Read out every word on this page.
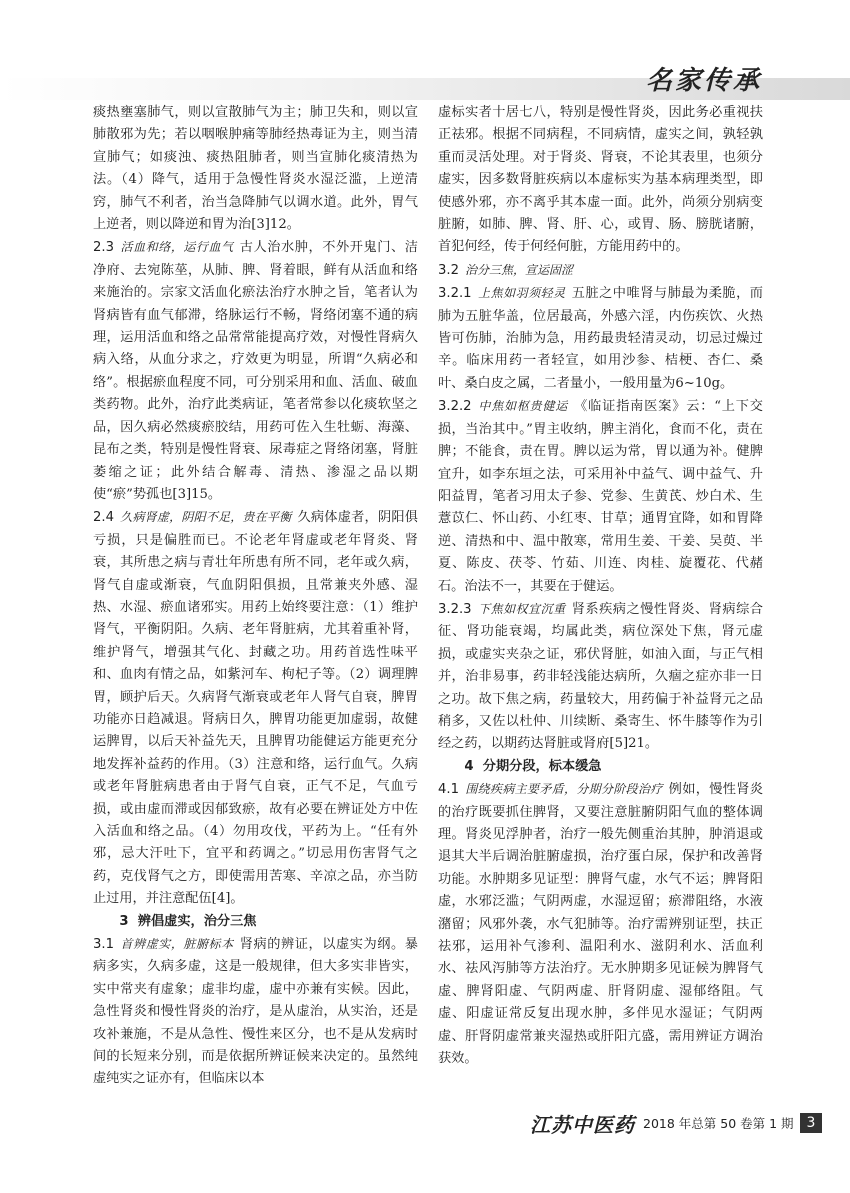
名家传承

痰热壅塞肺气，则以宣散肺气为主；肺卫失和，则以宣肺散邪为先；若以咽喉肿痛等肺经热毒证为主，则当清宣肺气；如痰浊、痰热阻肺者，则当宣肺化痰清热为法。（4）降气，适用于急慢性肾炎水湿泛滥，上逆清窍，肺气不利者，治当急降肺气以调水道。此外，胃气上逆者，则以降逆和胃为治[3]12。

2.3 活血和络，运行血气 古人治水肿，不外开鬼门、洁净府、去宛陈莝，从肺、脾、肾着眼，鲜有从活血和络来施治的。宗家文活血化瘀法治疗水肿之旨，笔者认为肾病皆有血气郁滞，络脉运行不畅，肾络闭塞不通的病理，运用活血和络之品常常能提高疗效，对慢性肾病久病入络，从血分求之，疗效更为明显，所谓“久病必和络”。根据瘀血程度不同，可分别采用和血、活血、破血类药物。此外，治疗此类病证，笔者常参以化痰软坚之品，因久病必然痰瘀胶结，用药可佐入生牡蛎、海藻、昆布之类，特别是慢性肾衰、尿毒症之肾络闭塞，肾脏萎缩之证；此外结合解毒、清热、渗湿之品以期使“瘀”势孤也[3]15。

2.4 久病肾虚，阴阳不足，贵在平衡 久病体虚者，阴阳俱亏损，只是偏胜而已。不论老年肾虚或老年肾炎、肾衰，其所患之病与青壮年所患有所不同，老年或久病，肾气自虚或渐衰，气血阴阳俱损，且常兼夹外感、湿热、水湿、瘀血诸邪实。用药上始终要注意：（1）维护肾气，平衡阴阳。久病、老年肾脏病，尤其着重补肾，维护肾气，增强其气化、封藏之功。用药首选性味平和、血肉有情之品，如紫河车、枸杞子等。（2）调理脾胃，顾护后天。久病肾气渐衰或老年人肾气自衰，脾胃功能亦日趋减退。肾病日久，脾胃功能更加虚弱，故健运脾胃，以后天补益先天，且脾胃功能健运方能更充分地发挥补益药的作用。（3）注意和络，运行血气。久病或老年肾脏病患者由于肾气自衰，正气不足，气血亏损，或由虚而滞或因郁致瘀，故有必要在辨证处方中佐入活血和络之品。（4）勿用攻伐，平药为上。“任有外邪，忌大汗吐下，宜平和药调之。”切忌用伤害肾气之药，克伐肾气之方，即使需用苦寒、辛凉之品，亦当防止过用，并注意配伍[4]。

3 辨倡虚实，治分三焦

3.1 首辨虚实，脏腑标本 肾病的辨证，以虚实为纲。暴病多实，久病多虚，这是一般规律，但大多实非皆实，实中常夹有虚象；虚非均虚，虚中亦兼有实候。因此，急性肾炎和慢性肾炎的治疗，是从虚治，从实治，还是攻补兼施，不是从急性、慢性来区分，也不是从发病时间的长短来分别，而是依据所辨证候来决定的。虽然纯虚纯实之证亦有，但临床以本

虚标实者十居七八，特别是慢性肾炎，因此务必重视扶正祛邪。根据不同病程，不同病情，虚实之间，孰轻孰重而灵活处理。对于肾炎、肾衰，不论其表里，也须分虚实，因多数肾脏疾病以本虚标实为基本病理类型，即使感外邪，亦不离乎其本虚一面。此外，尚须分别病变脏腑，如肺、脾、肾、肝、心，或胃、肠、膀胱诸腑，首犯何经，传于何经何脏，方能用药中的。

3.2 治分三焦，宣运固涩

3.2.1 上焦如羽须轻灵 五脏之中唯肾与肺最为柔脆，而肺为五脏华盖，位居最高，外感六淫，内伤疾饮、火热皆可伤肺，治肺为急，用药最贵轻清灵动，切忌过燥过辛。临床用药一者轻宣，如用沙参、桔梗、杏仁、桑叶、桑白皮之属，二者量小，一般用量为6~10g。

3.2.2 中焦如枢贵健运 《临证指南医案》云：“上下交损，当治其中。”胃主收纳，脾主消化，食而不化，责在脾；不能食，责在胃。脾以运为常，胃以通为补。健脾宜升，如李东垣之法，可采用补中益气、调中益气、升阳益胃，笔者习用太子参、党参、生黄芪、炒白术、生薏苡仁、怀山药、小红枣、甘草；通胃宜降，如和胃降逆、清热和中、温中散寒，常用生姜、干姜、吴萸、半夏、陈皮、茯苓、竹茹、川连、肉桂、旋覆花、代赭石。治法不一，其要在于健运。

3.2.3 下焦如权宜沉重 肾系疾病之慢性肾炎、肾病综合征、肾功能衰竭，均属此类，病位深处下焦，肾元虚损，或虚实夹杂之证，邪伏肾脏，如油入面，与正气相并，治非易事，药非轻浅能达病所，久痼之症亦非一日之功。故下焦之病，药量较大，用药偏于补益肾元之品稍多，又佐以杜仲、川续断、桑寄生、怀牛膝等作为引经之药，以期药达肾脏或肾府[5]21。

4 分期分段，标本缓急

4.1 围绕疾病主要矛盾，分期分阶段治疗 例如，慢性肾炎的治疗既要抓住脾肾，又要注意脏腑阴阳气血的整体调理。肾炎见浮肿者，治疗一般先侧重治其肿，肿消退或退其大半后调治脏腑虚损，治疗蛋白尿，保护和改善肾功能。水肿期多见证型：脾肾气虚，水气不运；脾肾阳虚，水邪泛滥；气阴两虚，水湿逗留；瘀滞阻络，水液潴留；风邪外袭，水气犯肺等。治疗需辨别证型，扶正祛邪，运用补气渗利、温阳利水、滋阴利水、活血利水、祛风泻肺等方法治疗。无水肿期多见证候为脾肾气虚、脾肾阳虚、气阴两虚、肝肾阴虚、湿郁络阻。气虚、阳虚证常反复出现水肿，多伴见水湿证；气阴两虚、肝肾阴虚常兼夹湿热或肝阳亢盛，需用辨证方调治获效。

江苏中医药 2018 年总第 50 卷第 1 期 3
